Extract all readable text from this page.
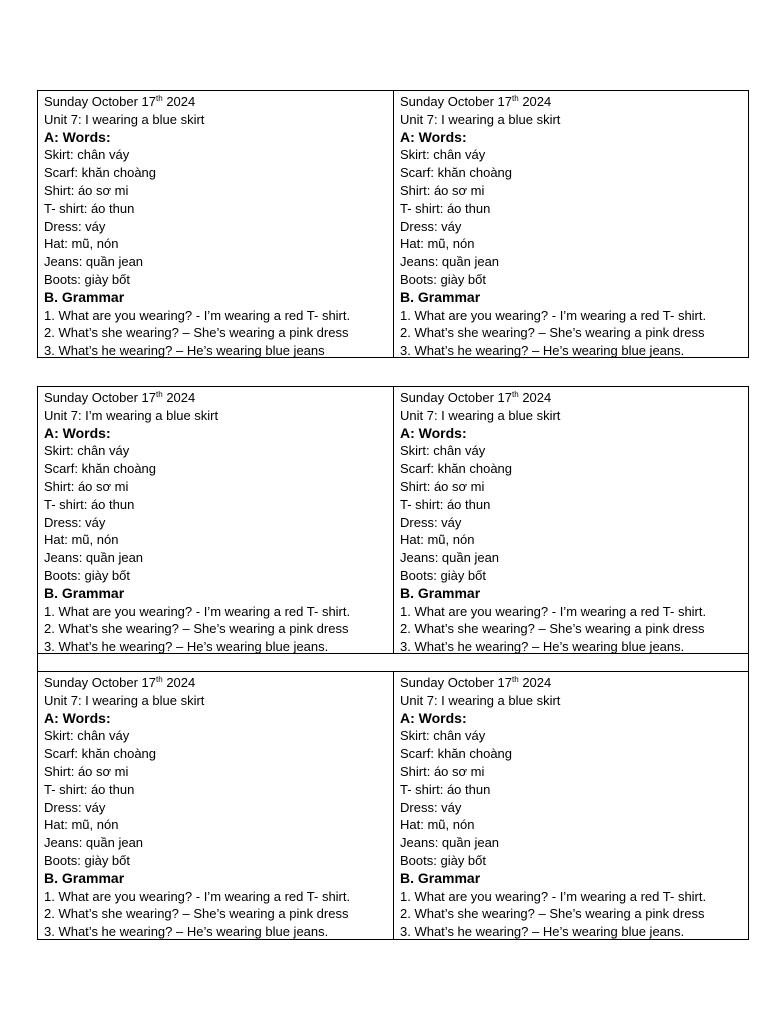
Sunday October 17th 2024
Unit 7: I wearing a blue skirt
A: Words:
Skirt: chân váy
Scarf: khăn choàng
Shirt: áo sơ mi
T- shirt: áo thun
Dress: váy
Hat: mũ, nón
Jeans: quần jean
Boots: giày bốt
B. Grammar
1. What are you wearing? - I’m wearing a red T- shirt.
2. What’s she wearing? – She’s wearing a pink dress
3. What’s he wearing? – He’s wearing blue jeans
Sunday October 17th 2024
Unit 7: I wearing a blue skirt
A: Words:
Skirt: chân váy
Scarf: khăn choàng
Shirt: áo sơ mi
T- shirt: áo thun
Dress: váy
Hat: mũ, nón
Jeans: quần jean
Boots: giày bốt
B. Grammar
1. What are you wearing? - I’m wearing a red T- shirt.
2. What’s she wearing? – She’s wearing a pink dress
3. What’s he wearing? – He’s wearing blue jeans.
Sunday October 17th 2024
Unit 7: I’m wearing a blue skirt
A: Words:
Skirt: chân váy
Scarf: khăn choàng
Shirt: áo sơ mi
T- shirt: áo thun
Dress: váy
Hat: mũ, nón
Jeans: quần jean
Boots: giày bốt
B. Grammar
1. What are you wearing? - I’m wearing a red T- shirt.
2. What’s she wearing? – She’s wearing a pink dress
3. What’s he wearing? – He’s wearing blue jeans.
Sunday October 17th 2024
Unit 7: I wearing a blue skirt
A: Words:
Skirt: chân váy
Scarf: khăn choàng
Shirt: áo sơ mi
T- shirt: áo thun
Dress: váy
Hat: mũ, nón
Jeans: quần jean
Boots: giày bốt
B. Grammar
1. What are you wearing? - I’m wearing a red T- shirt.
2. What’s she wearing? – She’s wearing a pink dress
3. What’s he wearing? – He’s wearing blue jeans.
Sunday October 17th 2024
Unit 7: I wearing a blue skirt
A: Words:
Skirt: chân váy
Scarf: khăn choàng
Shirt: áo sơ mi
T- shirt: áo thun
Dress: váy
Hat: mũ, nón
Jeans: quần jean
Boots: giày bốt
B. Grammar
1. What are you wearing? - I’m wearing a red T- shirt.
2. What’s she wearing? – She’s wearing a pink dress
3. What’s he wearing? – He’s wearing blue jeans.
Sunday October 17th 2024
Unit 7: I wearing a blue skirt
A: Words:
Skirt: chân váy
Scarf: khăn choàng
Shirt: áo sơ mi
T- shirt: áo thun
Dress: váy
Hat: mũ, nón
Jeans: quần jean
Boots: giày bốt
B. Grammar
1. What are you wearing? - I’m wearing a red T- shirt.
2. What’s she wearing? – She’s wearing a pink dress
3. What’s he wearing? – He’s wearing blue jeans.
